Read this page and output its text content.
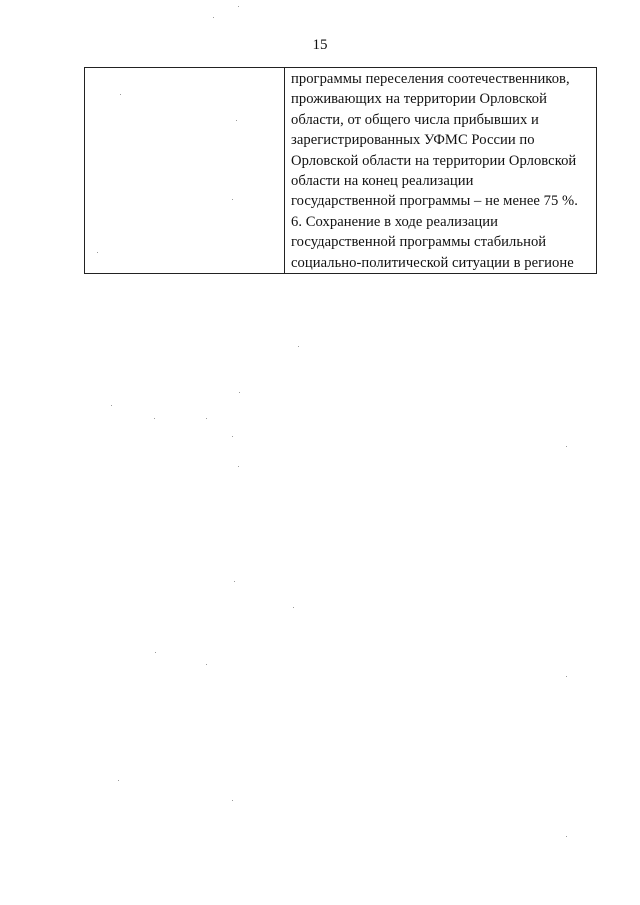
15

программы переселения соотечественников,
проживающих на территории Орловской
области, от общего числа прибывших и
зарегистрированных УФМС России по
Орловской области на территории Орловской
области на конец реализации
государственной программы – не менее 75 %.
6. Сохранение в ходе реализации
государственной программы стабильной
социально-политической ситуации в регионе
